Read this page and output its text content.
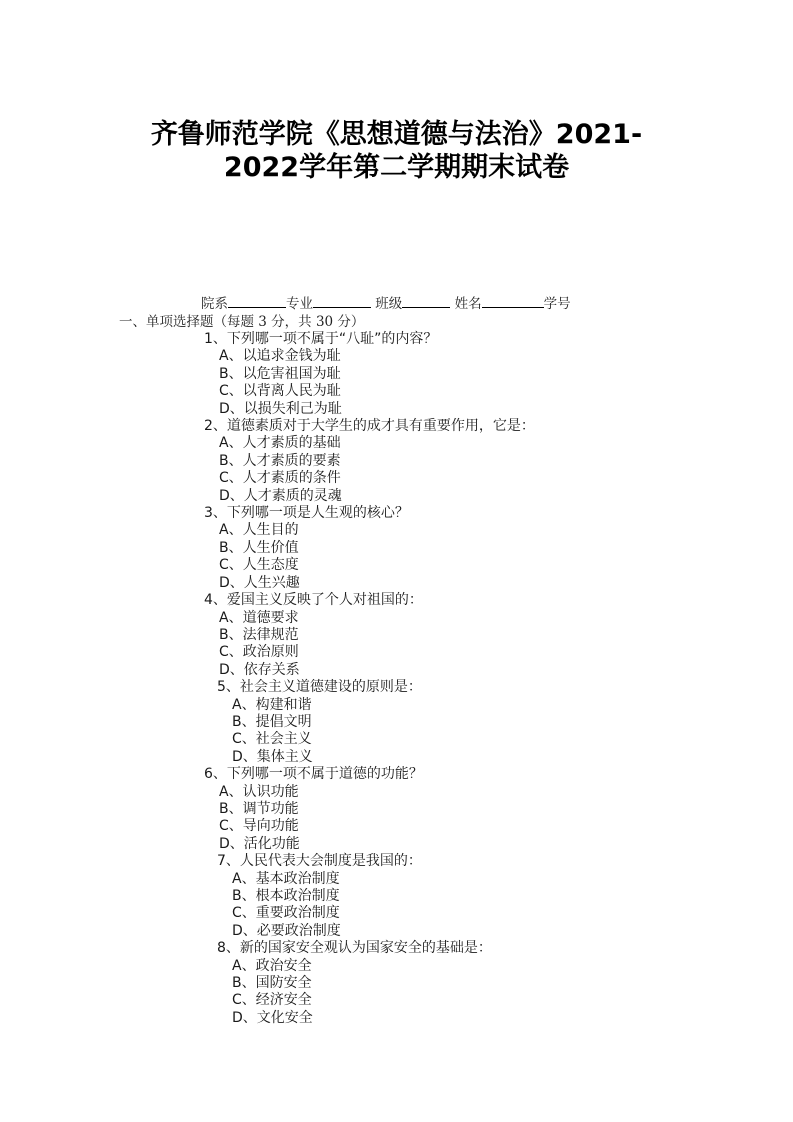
齐鲁师范学院《思想道德与法治》2021-
2022学年第二学期期末试卷
院系	专业	班级	姓名	学号
一、单项选择题（每题 3 分，共 30 分）
1、下列哪一项不属于“八耻”的内容？
A、以追求金钱为耻
B、以危害祖国为耻
C、以背离人民为耻
D、以损失利己为耻
2、道德素质对于大学生的成才具有重要作用，它是：
A、人才素质的基础
B、人才素质的要素
C、人才素质的条件
D、人才素质的灵魂
3、下列哪一项是人生观的核心？
A、人生目的
B、人生价值
C、人生态度
D、人生兴趣
4、爱国主义反映了个人对祖国的：
A、道德要求
B、法律规范
C、政治原则
D、依存关系
5、社会主义道德建设的原则是：
A、构建和谐
B、提倡文明
C、社会主义
D、集体主义
6、下列哪一项不属于道德的功能？
A、认识功能
B、调节功能
C、导向功能
D、活化功能
7、人民代表大会制度是我国的：
A、基本政治制度
B、根本政治制度
C、重要政治制度
D、必要政治制度
8、新的国家安全观认为国家安全的基础是：
A、政治安全
B、国防安全
C、经济安全
D、文化安全
